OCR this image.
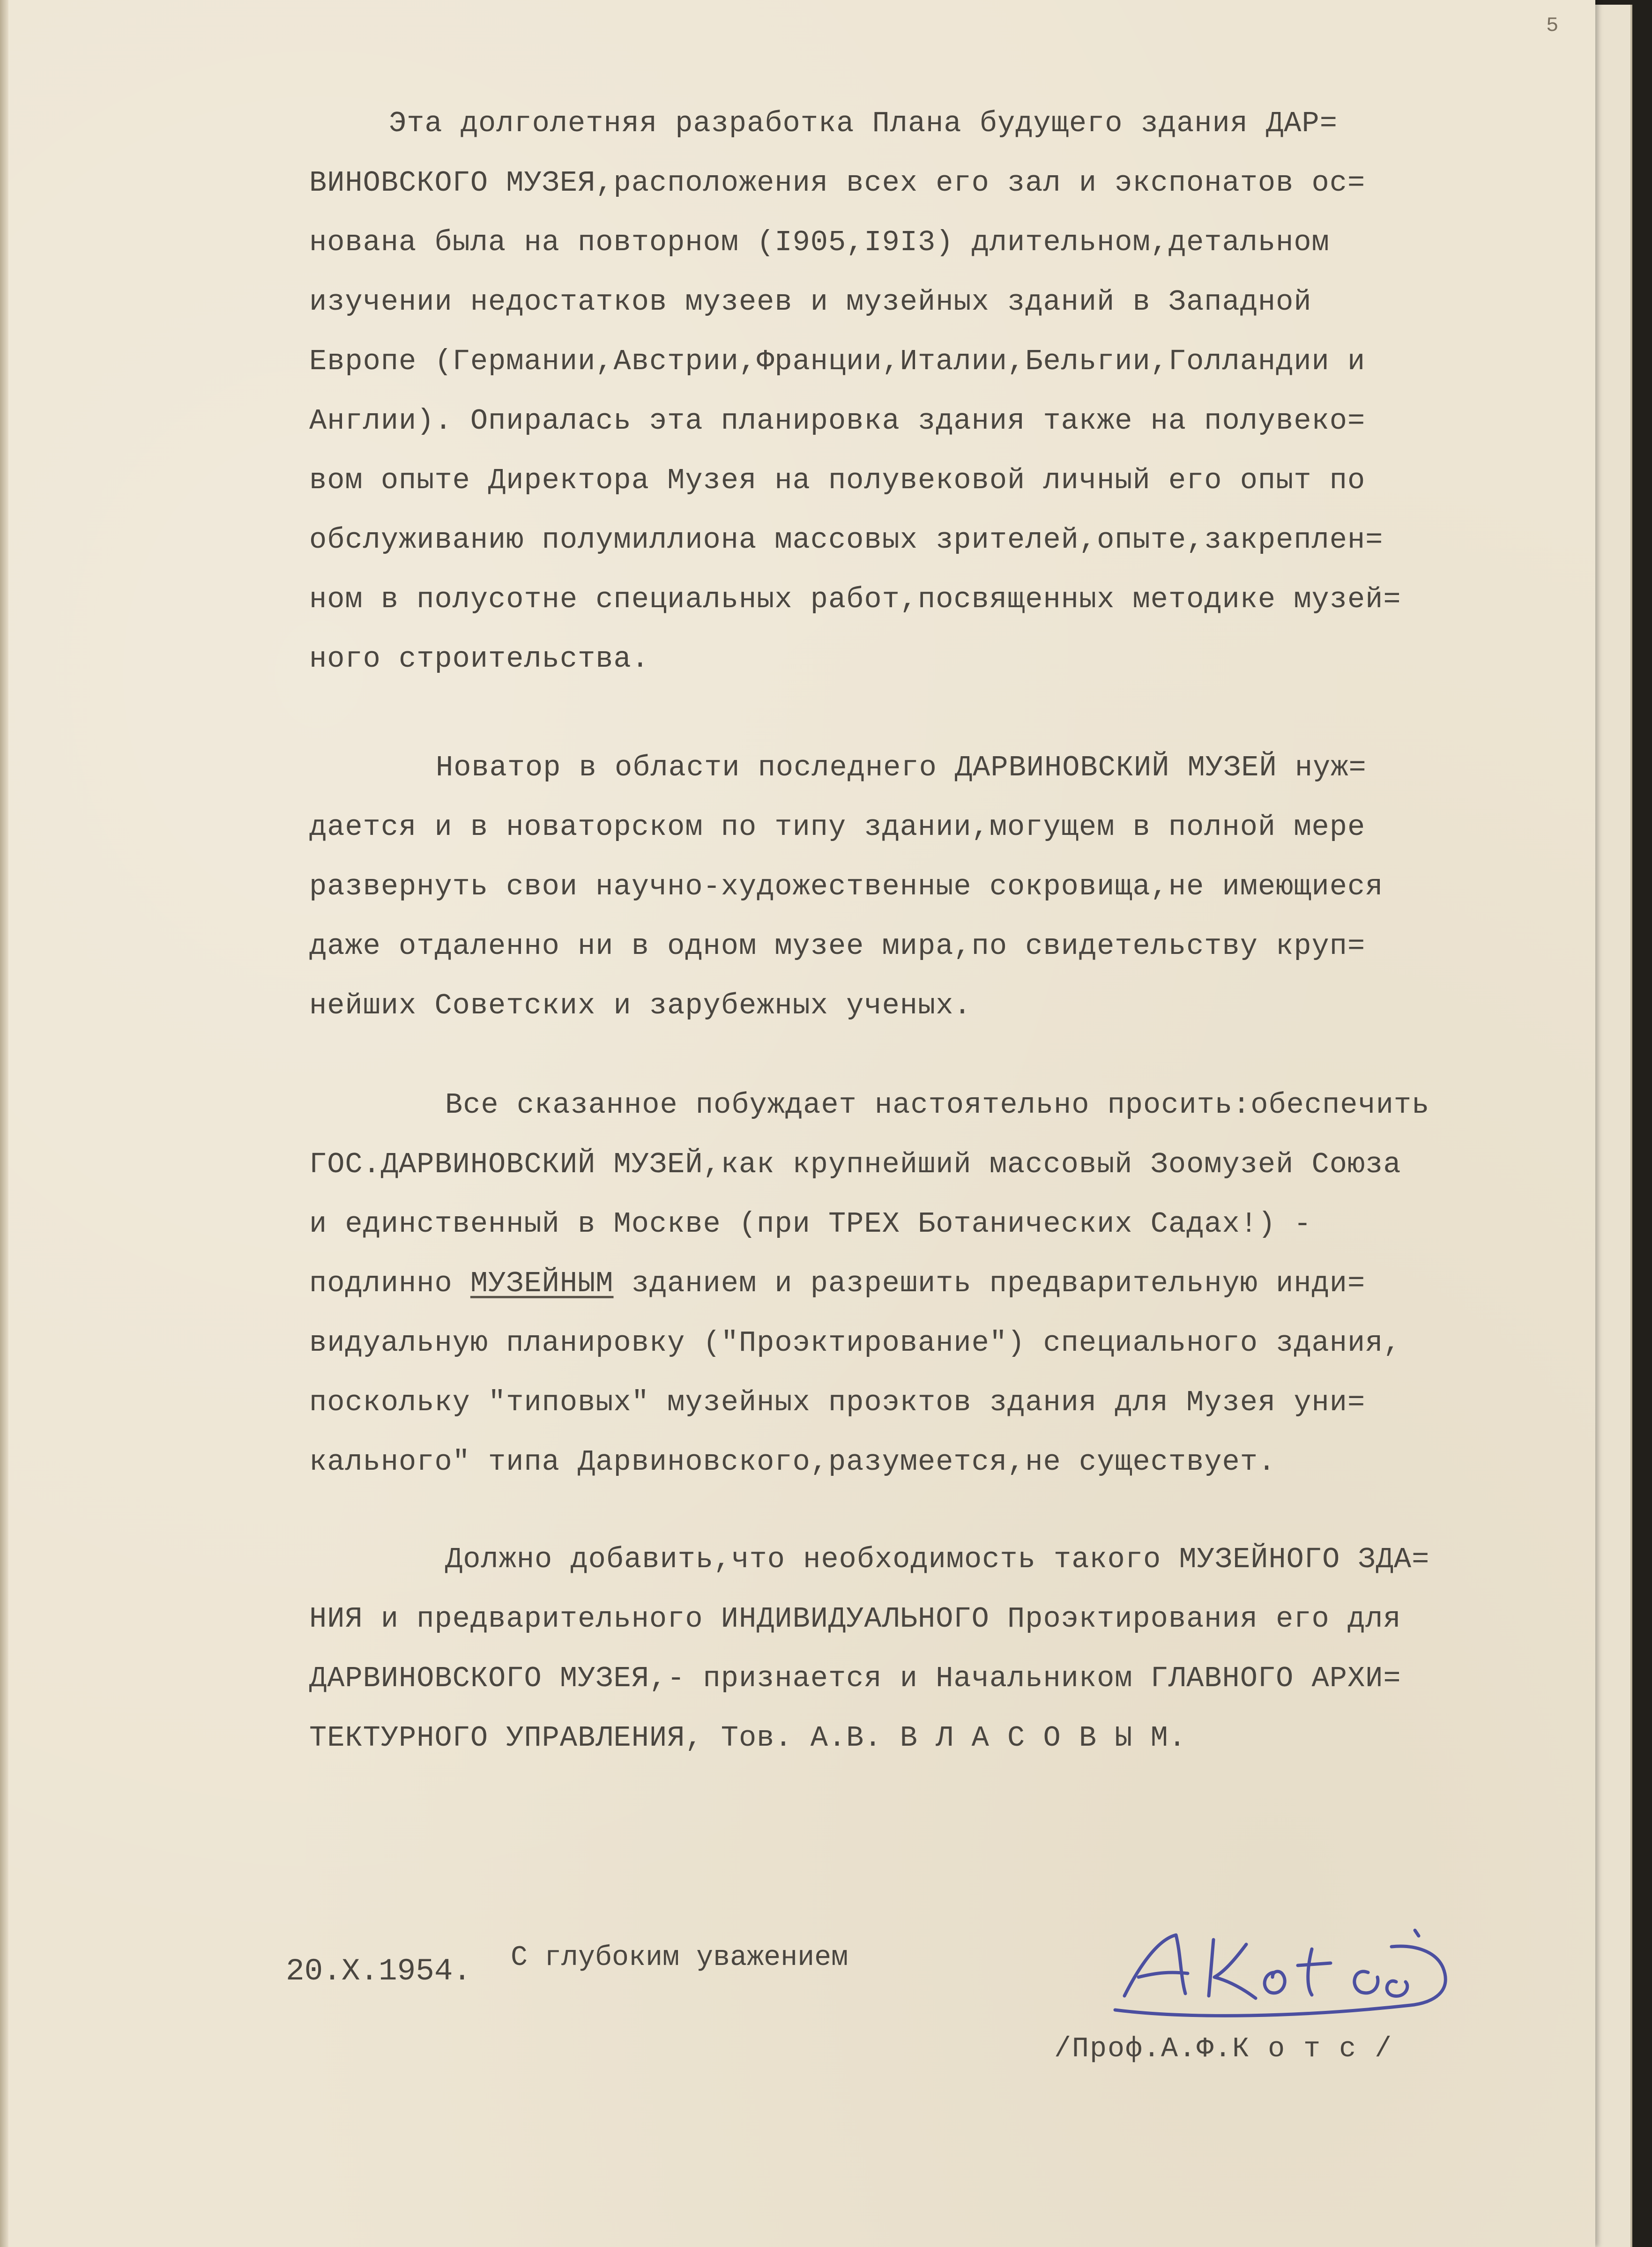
5
Эта долголетняя разработка Плана будущего здания ДАР=
ВИНОВСКОГО МУЗЕЯ,расположения всех его зал и экспонатов ос=
нована была на повторном (I905,I9I3) длительном,детальном
изучении недостатков музеев и музейных зданий в Западной
Европе (Германии,Австрии,Франции,Италии,Бельгии,Голландии и
Англии). Опиралась эта планировка здания также на полувеко=
вом опыте Директора Музея на полувековой личный его опыт по
обслуживанию полумиллиона массовых зрителей,опыте,закреплен=
ном в полусотне специальных работ,посвященных методике музей=
ного строительства.
Новатор в области последнего ДАРВИНОВСКИЙ МУЗЕЙ нуж=
дается и в новаторском по типу здании,могущем в полной мере
развернуть свои научно-художественные сокровища,не имеющиеся
даже отдаленно ни в одном музее мира,по свидетельству круп=
нейших Советских и зарубежных ученых.
Все сказанное побуждает настоятельно просить:обеспечить
ГОС.ДАРВИНОВСКИЙ МУЗЕЙ,как крупнейший массовый Зоомузей Союза
и единственный в Москве (при ТРЕХ Ботанических Садах!) -
подлинно МУЗЕЙНЫМ зданием и разрешить предварительную инди=
видуальную планировку ("Проэктирование") специального здания,
поскольку "типовых" музейных проэктов здания для Музея уни=
кального" типа Дарвиновского,разумеется,не существует.
Должно добавить,что необходимость такого МУЗЕЙНОГО ЗДА=
НИЯ и предварительного ИНДИВИДУАЛЬНОГО Проэктирования его для
ДАРВИНОВСКОГО МУЗЕЯ,- признается и Начальником ГЛАВНОГО АРХИ=
ТЕКТУРНОГО УПРАВЛЕНИЯ, Тов. А.В. В Л А С О В Ы М.
20.Х.1954. С глубоким уважением
/Проф.А.Ф.К о т с /
